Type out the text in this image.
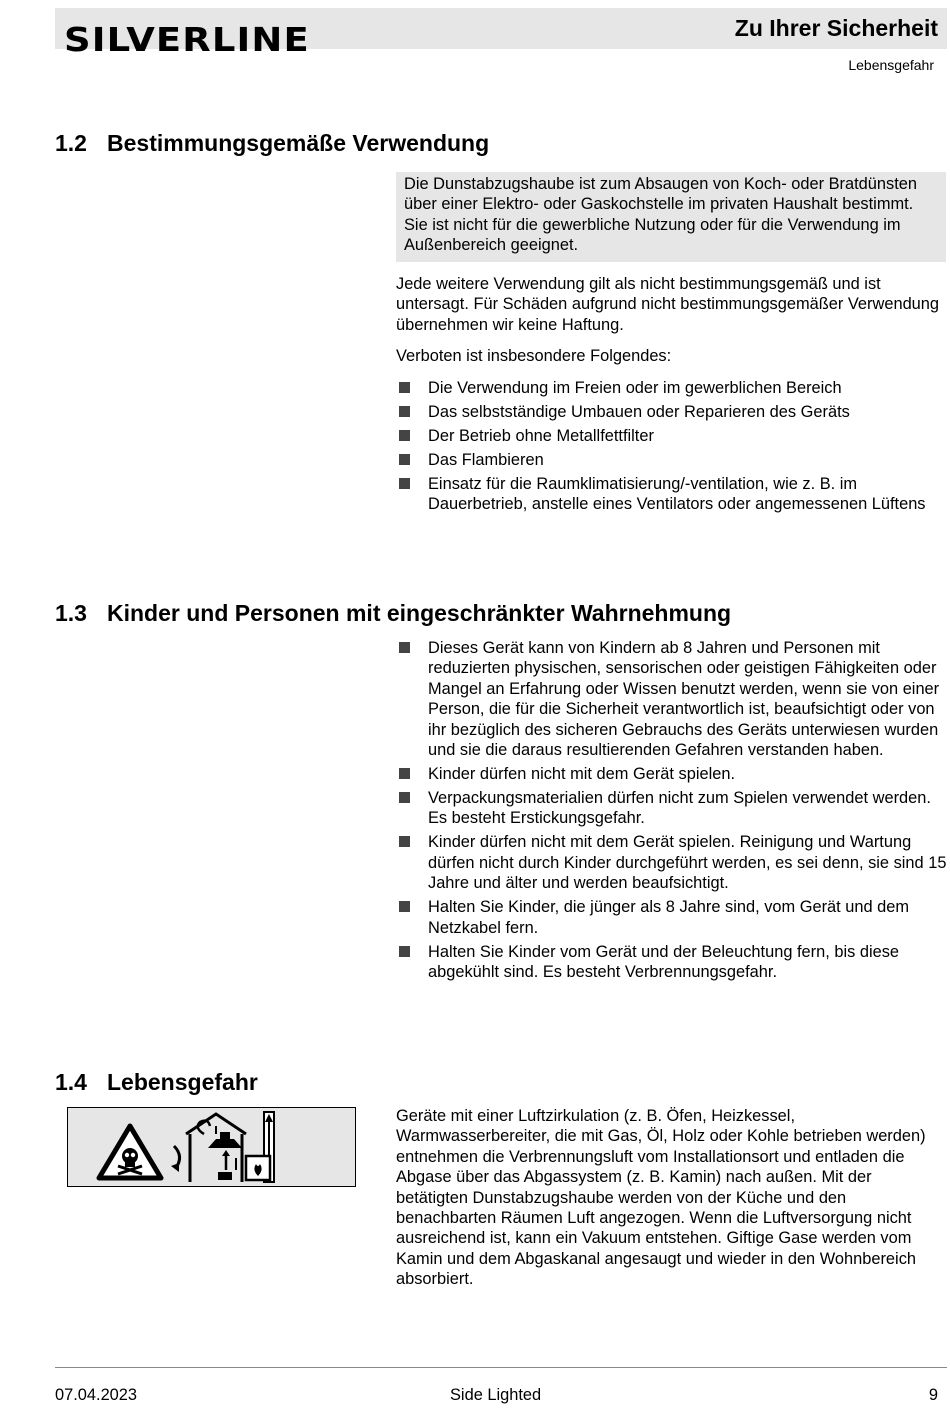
SILVERLINE	Zu Ihrer Sicherheit
Lebensgefahr
1.2 Bestimmungsgemäße Verwendung
Die Dunstabzugshaube ist zum Absaugen von Koch- oder Bratdünsten über einer Elektro- oder Gaskochstelle im privaten Haushalt bestimmt. Sie ist nicht für die gewerbliche Nutzung oder für die Verwendung im Außenbereich geeignet.
Jede weitere Verwendung gilt als nicht bestimmungsgemäß und ist untersagt. Für Schäden aufgrund nicht bestimmungsgemäßer Verwendung übernehmen wir keine Haftung.
Verboten ist insbesondere Folgendes:
Die Verwendung im Freien oder im gewerblichen Bereich
Das selbstständige Umbauen oder Reparieren des Geräts
Der Betrieb ohne Metallfettfilter
Das Flambieren
Einsatz für die Raumklimatisierung/-ventilation, wie z. B. im Dauerbetrieb, anstelle eines Ventilators oder angemessenen Lüftens
1.3 Kinder und Personen mit eingeschränkter Wahrnehmung
Dieses Gerät kann von Kindern ab 8 Jahren und Personen mit reduzierten physischen, sensorischen oder geistigen Fähigkeiten oder Mangel an Erfahrung oder Wissen benutzt werden, wenn sie von einer Person, die für die Sicherheit verantwortlich ist, beaufsichtigt oder von ihr bezüglich des sicheren Gebrauchs des Geräts unterwiesen wurden und sie die daraus resultierenden Gefahren verstanden haben.
Kinder dürfen nicht mit dem Gerät spielen.
Verpackungsmaterialien dürfen nicht zum Spielen verwendet werden. Es besteht Erstickungsgefahr.
Kinder dürfen nicht mit dem Gerät spielen. Reinigung und Wartung dürfen nicht durch Kinder durchgeführt werden, es sei denn, sie sind 15 Jahre und älter und werden beaufsichtigt.
Halten Sie Kinder, die jünger als 8 Jahre sind, vom Gerät und dem Netzkabel fern.
Halten Sie Kinder vom Gerät und der Beleuchtung fern, bis diese abgekühlt sind. Es besteht Verbrennungsgefahr.
1.4 Lebensgefahr
Geräte mit einer Luftzirkulation (z. B. Öfen, Heizkessel, Warmwasserbereiter, die mit Gas, Öl, Holz oder Kohle betrieben werden) entnehmen die Verbrennungsluft vom Installationsort und entladen die Abgase über das Abgassystem (z. B. Kamin) nach außen. Mit der betätigten Dunstabzugshaube werden von der Küche und den benachbarten Räumen Luft angezogen. Wenn die Luftversorgung nicht ausreichend ist, kann ein Vakuum entstehen. Giftige Gase werden vom Kamin und dem Abgaskanal angesaugt und wieder in den Wohnbereich absorbiert.
07.04.2023	Side Lighted	9
